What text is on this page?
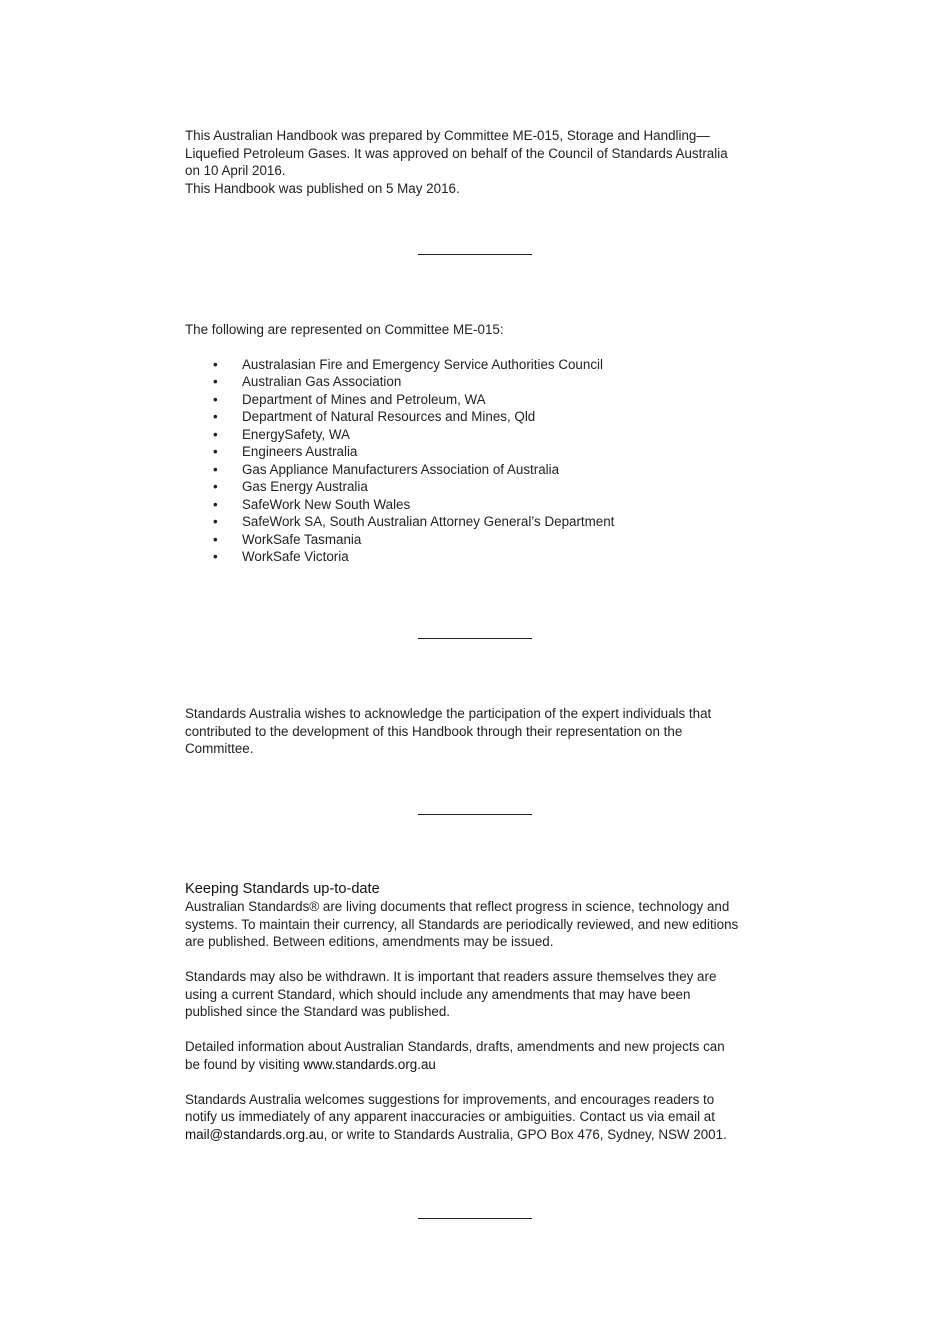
This Australian Handbook was prepared by Committee ME-015, Storage and Handling—

Liquefied Petroleum Gases. It was approved on behalf of the Council of Standards Australia

on 10 April 2016.

This Handbook was published on 5 May 2016.

The following are represented on Committee ME-015:

• Australasian Fire and Emergency Service Authorities Council
• Australian Gas Association
• Department of Mines and Petroleum, WA
• Department of Natural Resources and Mines, Qld
• EnergySafety, WA
• Engineers Australia
• Gas Appliance Manufacturers Association of Australia
• Gas Energy Australia
• SafeWork New South Wales
• SafeWork SA, South Australian Attorney General’s Department
• WorkSafe Tasmania
• WorkSafe Victoria

Standards Australia wishes to acknowledge the participation of the expert individuals that

contributed to the development of this Handbook through their representation on the

Committee.

Keeping Standards up-to-date

Australian Standards® are living documents that reflect progress in science, technology and

systems. To maintain their currency, all Standards are periodically reviewed, and new editions

are published. Between editions, amendments may be issued.

Standards may also be withdrawn. It is important that readers assure themselves they are

using a current Standard, which should include any amendments that may have been

published since the Standard was published.

Detailed information about Australian Standards, drafts, amendments and new projects can

be found by visiting www.standards.org.au

Standards Australia welcomes suggestions for improvements, and encourages readers to

notify us immediately of any apparent inaccuracies or ambiguities. Contact us via email at

mail@standards.org.au, or write to Standards Australia, GPO Box 476, Sydney, NSW 2001.
